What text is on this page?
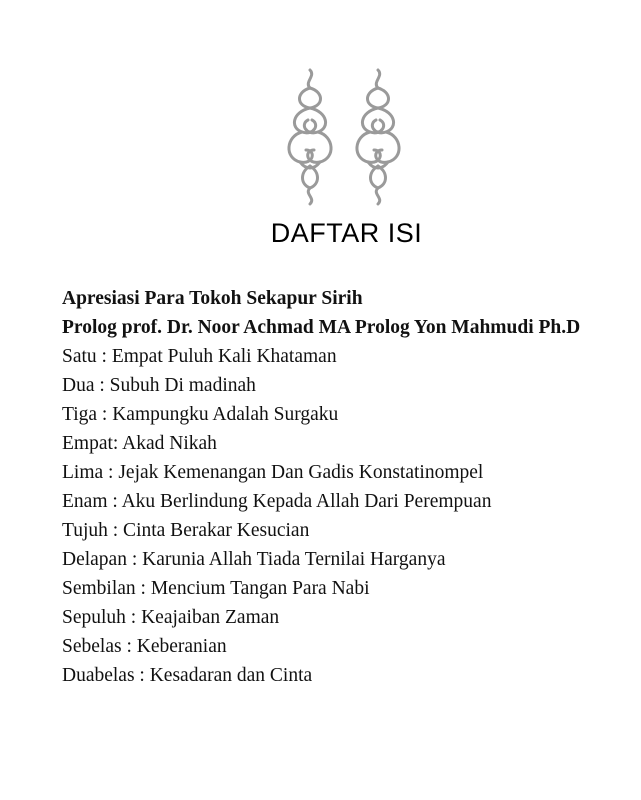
DAFTAR ISI
Apresiasi Para Tokoh Sekapur Sirih
Prolog prof. Dr. Noor Achmad MA Prolog Yon Mahmudi Ph.D
Satu : Empat Puluh Kali Khataman
Dua : Subuh Di madinah
Tiga : Kampungku Adalah Surgaku
Empat: Akad Nikah
Lima : Jejak Kemenangan Dan Gadis Konstatinompel
Enam : Aku Berlindung Kepada Allah Dari Perempuan
Tujuh : Cinta Berakar Kesucian
Delapan : Karunia Allah Tiada Ternilai Harganya
Sembilan : Mencium Tangan Para Nabi
Sepuluh : Keajaiban Zaman
Sebelas : Keberanian
Duabelas : Kesadaran dan Cinta
